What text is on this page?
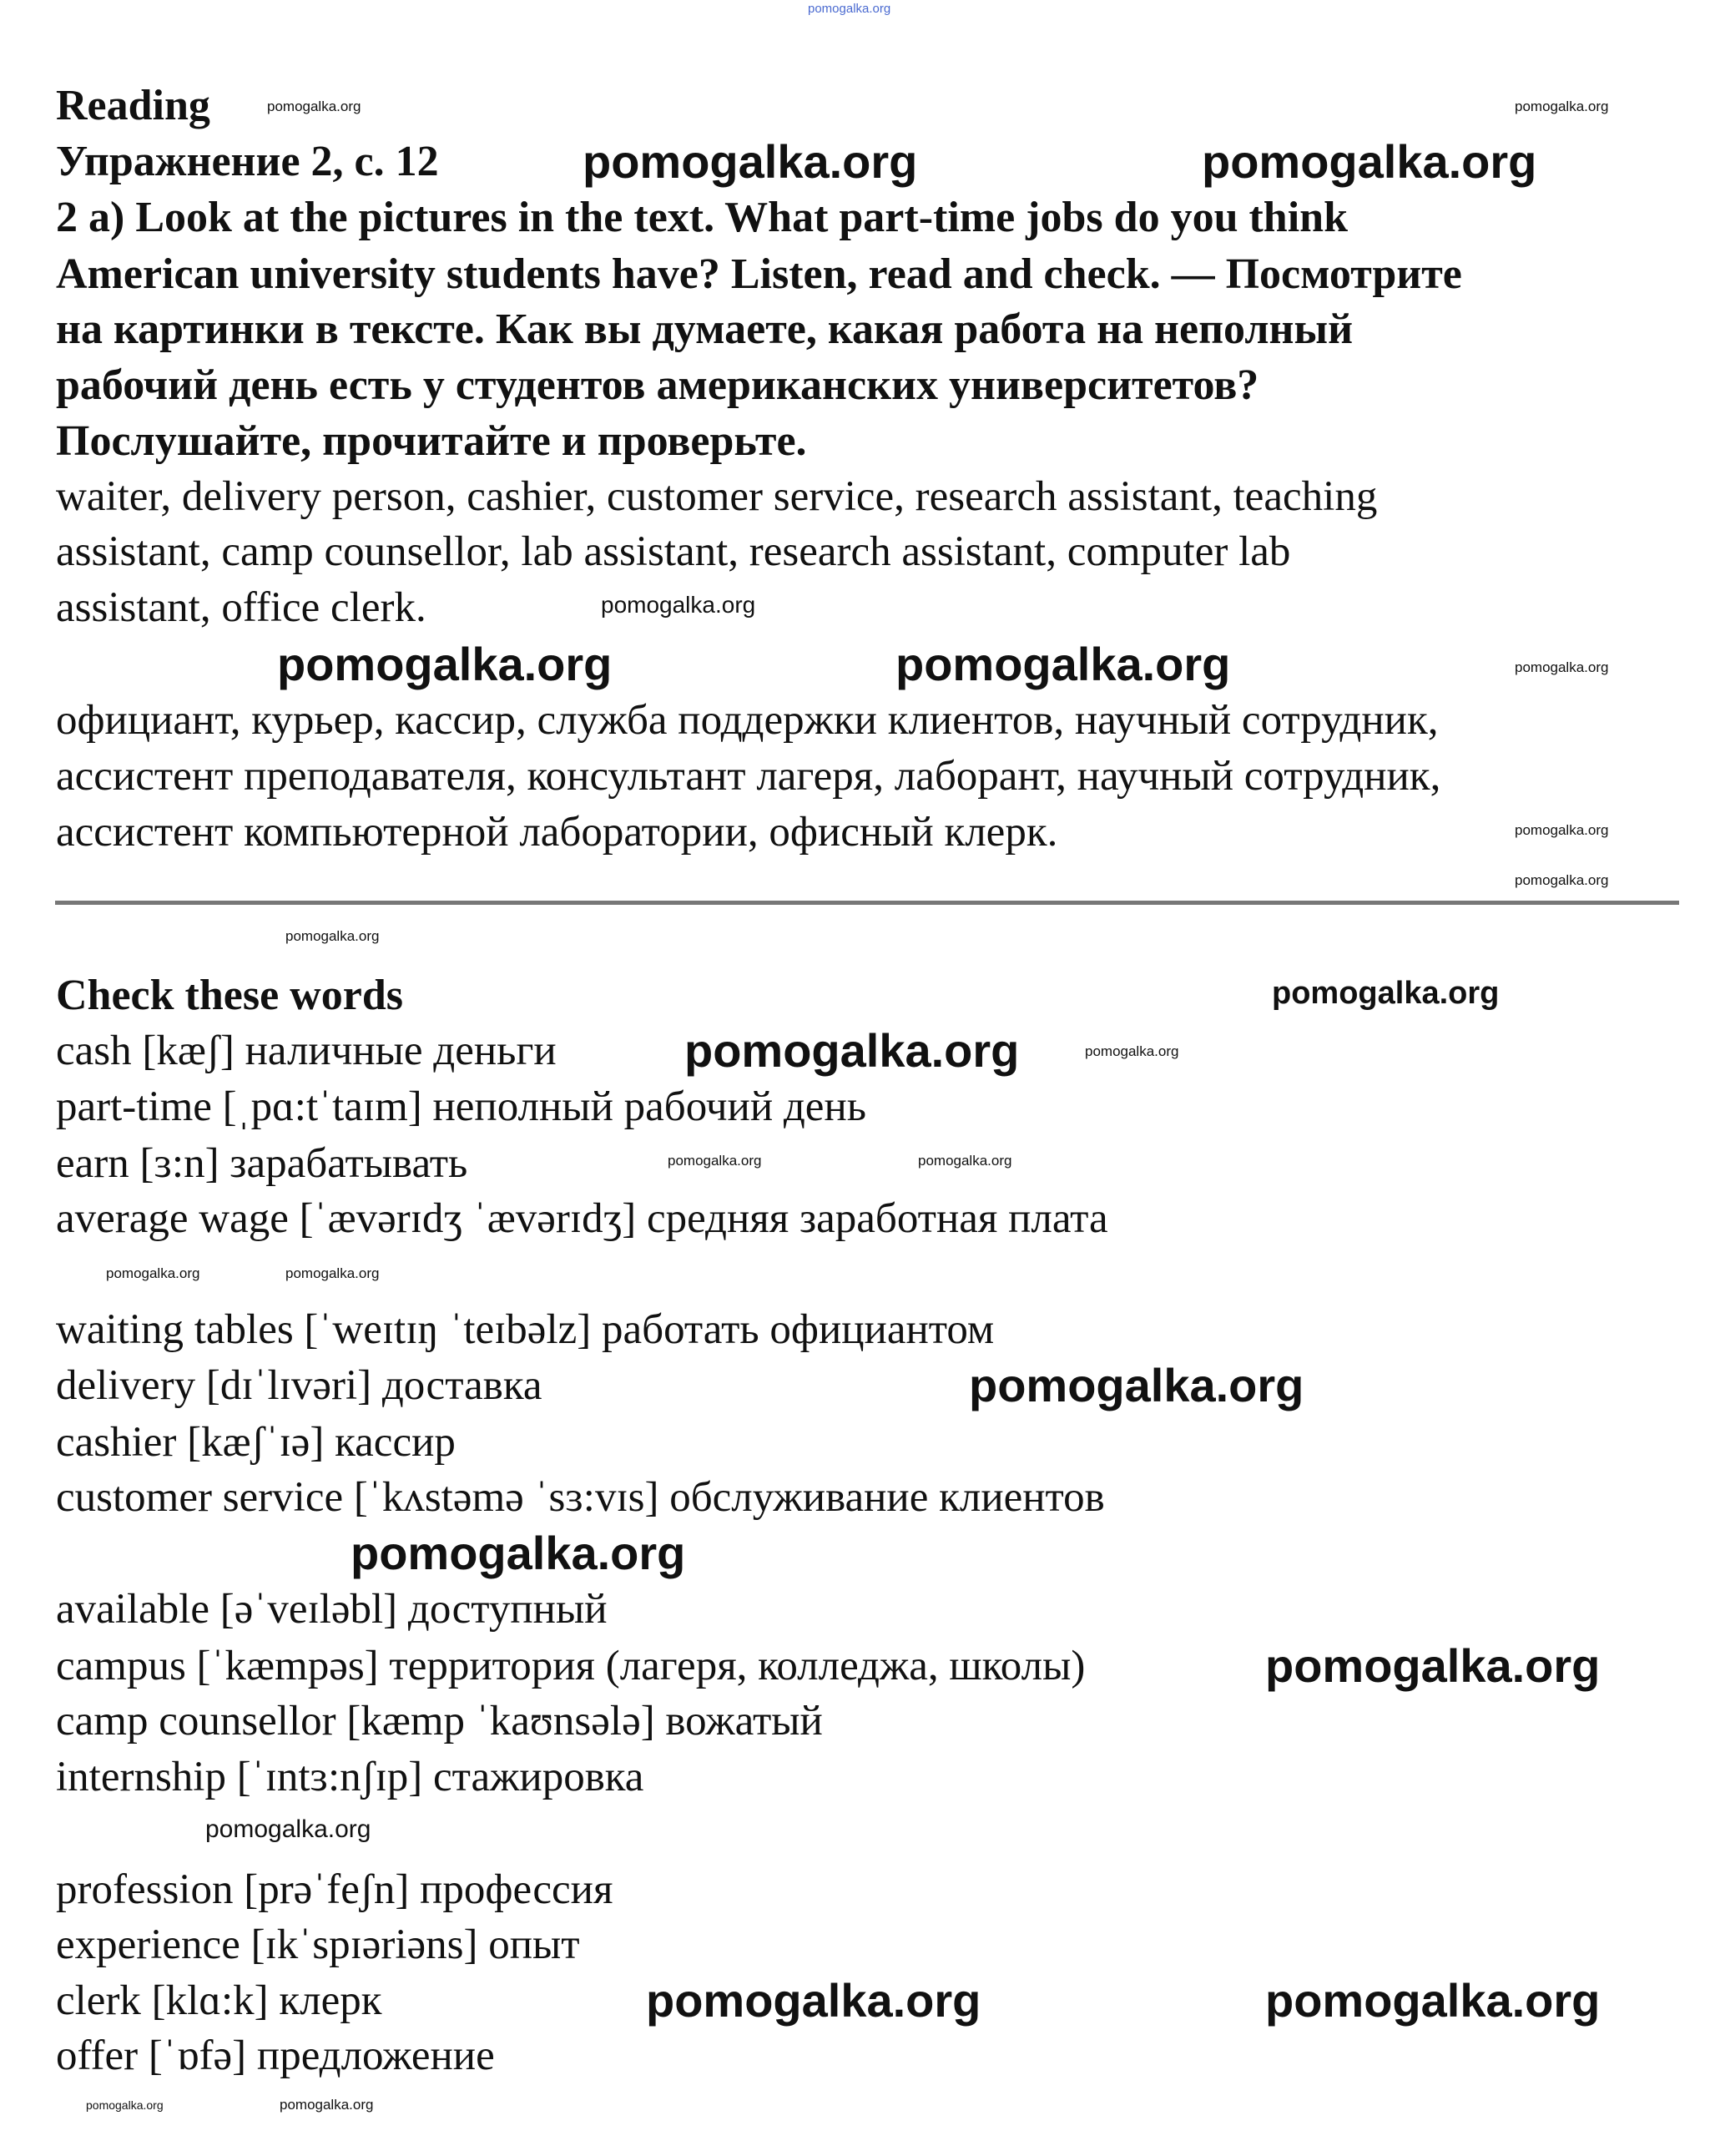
pomogalka.org
Reading
Упражнение 2, с. 12
2 a) Look at the pictures in the text. What part-time jobs do you think
American university students have? Listen, read and check. — Посмотрите
на картинки в тексте. Как вы думаете, какая работа на неполный
рабочий день есть у студентов американских университетов?
Послушайте, прочитайте и проверьте.
waiter, delivery person, cashier, customer service, research assistant, teaching
assistant, camp counsellor, lab assistant, research assistant, computer lab
assistant, office clerk.
официант, курьер, кассир, служба поддержки клиентов, научный сотрудник,
ассистент преподавателя, консультант лагеря, лаборант, научный сотрудник,
ассистент компьютерной лаборатории, офисный клерк.
Check these words
cash [kæʃ] наличные деньги
part-time [ˌpɑ:tˈtaɪm] неполный рабочий день
earn [ɜ:n] зарабатывать
average wage [ˈævərɪdʒ ˈævərɪdʒ] средняя заработная плата
waiting tables [ˈweɪtɪŋ ˈteɪbəlz] работать официантом
delivery [dɪˈlɪvəri] доставка
cashier [kæʃˈɪə] кассир
customer service [ˈkʌstəmə ˈsɜ:vɪs] обслуживание клиентов
available [əˈveɪləbl] доступный
campus [ˈkæmpəs] территория (лагеря, колледжа, школы)
camp counsellor [kæmp ˈkaʊnsələ] вожатый
internship [ˈɪntɜ:nʃɪp] стажировка
profession [prəˈfeʃn] профессия
experience [ɪkˈspɪəriəns] опыт
clerk [klɑ:k] клерк
offer [ˈɒfə] предложение
pomogalka.org	pomogalka.org
pomogalka.org	pomogalka.org
pomogalka.org
pomogalka.org
pomogalka.org
pomogalka.org
pomogalka.org	pomogalka.org
pomogalka.org
pomogalka.org
pomogalka.org
pomogalka.org	pomogalka.org
pomogalka.org
pomogalka.org
pomogalka.org
pomogalka.org
pomogalka.org
pomogalka.org	pomogalka.org
pomogalka.org	pomogalka.org
pomogalka.org	pomogalka.org
